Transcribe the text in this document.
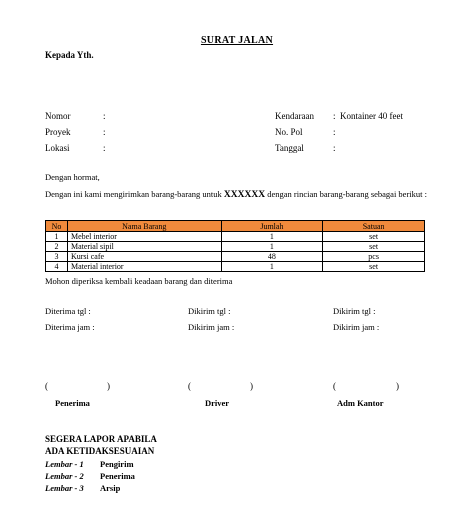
SURAT JALAN
Kepada Yth.
Nomor	:
Proyek	:
Lokasi	:
Kendaraan : Kontainer 40 feet
No. Pol	:
Tanggal	:
Dengan hormat,
Dengan ini kami mengirimkan barang-barang untuk XXXXXX dengan rincian barang-barang sebagai berikut :
No	Nama Barang	Jumlah	Satuan
1	Mebel interior	1	set
2	Material sipil	1	set
3	Kursi cafe	48	pcs
4	Material interior	1	set
Mohon diperiksa kembali keadaan barang dan diterima
Diterima tgl :	Dikirim tgl :	Dikirim tgl :
Diterima jam :	Dikirim jam :	Dikirim jam :
(	)	(	)	(	)
Penerima	Driver	Adm Kantor
SEGERA LAPOR APABILA
ADA KETIDAKSESUAIAN
Lembar - 1 Pengirim
Lembar - 2 Penerima
Lembar - 3 Arsip
